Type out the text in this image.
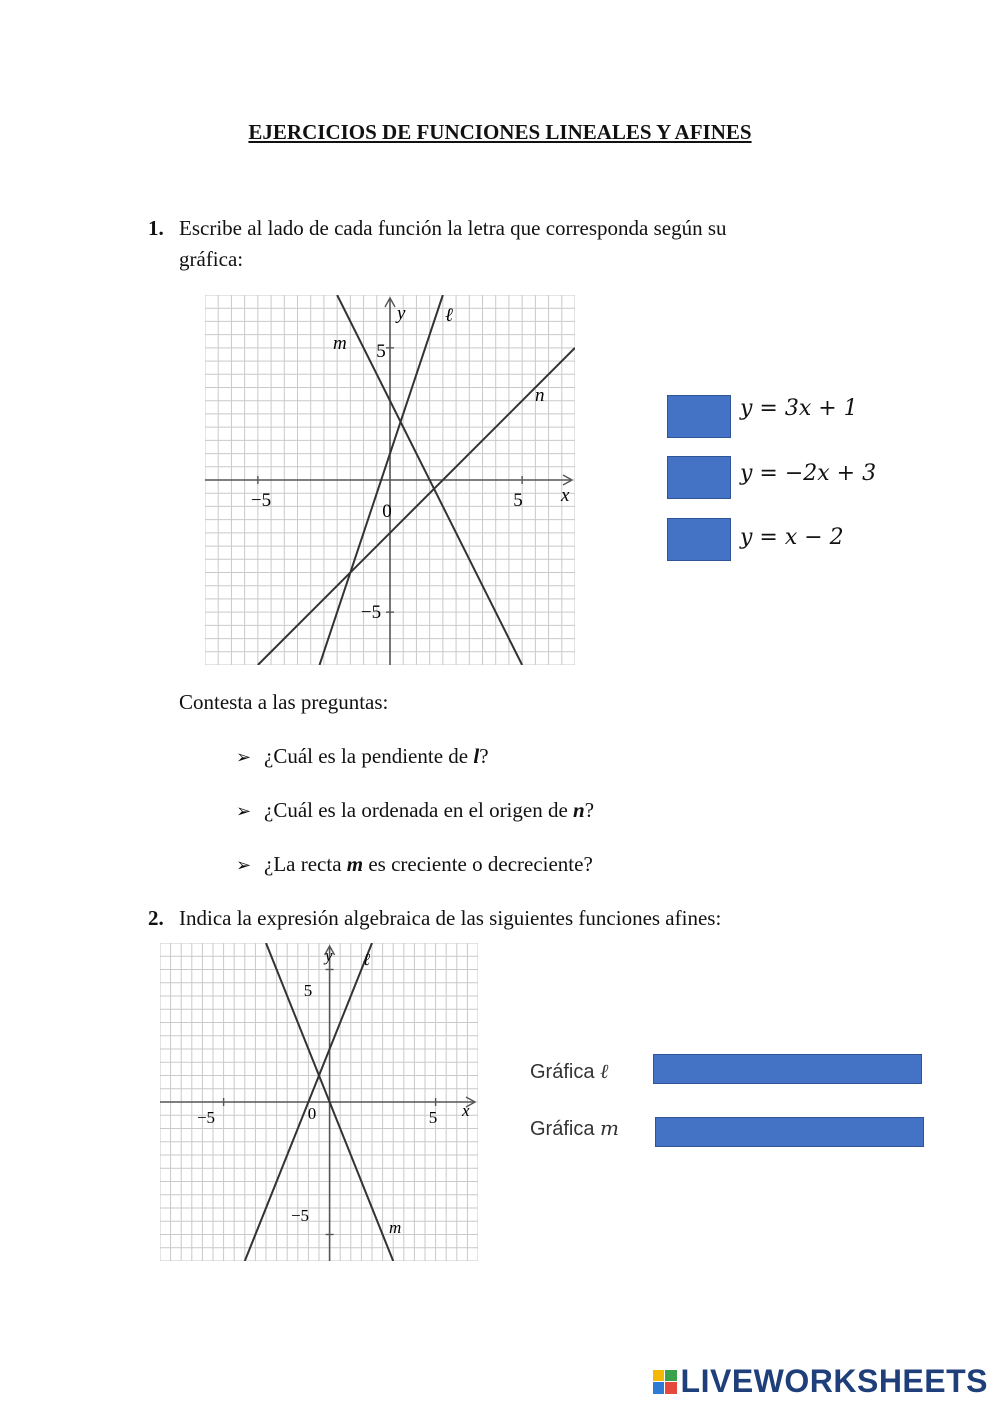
EJERCICIOS DE FUNCIONES LINEALES Y AFINES
1. Escribe al lado de cada función la letra que corresponda según su
gráfica:
0
−5	5
5
−5
x
y ℓ
m
n
y = 3x + 1
y = −2x + 3
y = x − 2
Contesta a las preguntas:
➢ ¿Cuál es la pendiente de l?
➢ ¿Cuál es la ordenada en el origen de n?
➢ ¿La recta m es creciente o decreciente?
2. Indica la expresión algebraica de las siguientes funciones afines:
0
−5	5
5
−5
x
y ℓ
m
Gráfica ℓ
Gráfica m
LIVEWORKSHEETS
